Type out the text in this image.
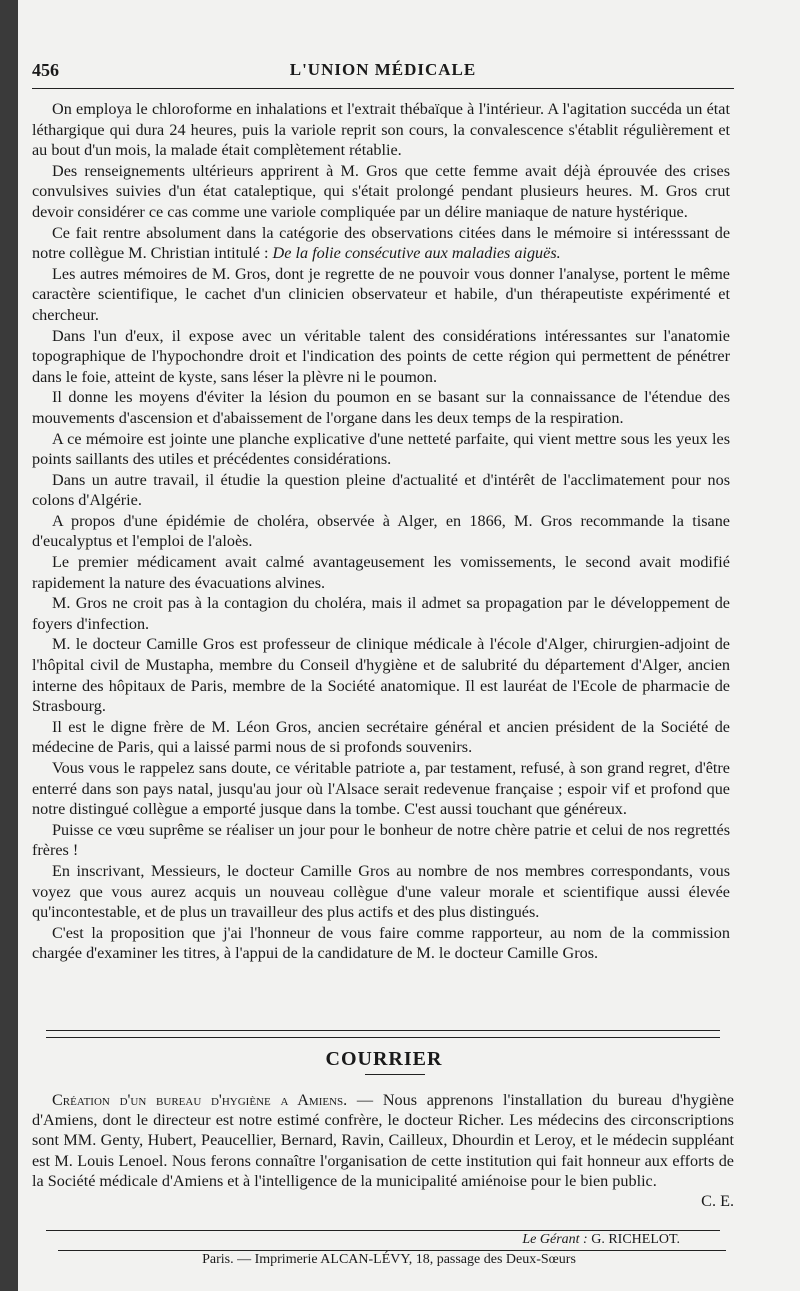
456	L'UNION MÉDICALE

On employa le chloroforme en inhalations et l'extrait thébaïque à l'intérieur. A l'agitation succéda un état léthargique qui dura 24 heures, puis la variole reprit son cours, la convalescence s'établit régulièrement et au bout d'un mois, la malade était complètement rétablie.

Des renseignements ultérieurs apprirent à M. Gros que cette femme avait déjà éprouvée des crises convulsives suivies d'un état cataleptique, qui s'était prolongé pendant plusieurs heures. M. Gros crut devoir considérer ce cas comme une variole compliquée par un délire maniaque de nature hystérique.

Ce fait rentre absolument dans la catégorie des observations citées dans le mémoire si intéresssant de notre collègue M. Christian intitulé : De la folie consécutive aux maladies aiguës.

Les autres mémoires de M. Gros, dont je regrette de ne pouvoir vous donner l'analyse, portent le même caractère scientifique, le cachet d'un clinicien observateur et habile, d'un thérapeutiste expérimenté et chercheur.

Dans l'un d'eux, il expose avec un véritable talent des considérations intéressantes sur l'anatomie topographique de l'hypochondre droit et l'indication des points de cette région qui permettent de pénétrer dans le foie, atteint de kyste, sans léser la plèvre ni le poumon.

Il donne les moyens d'éviter la lésion du poumon en se basant sur la connaissance de l'étendue des mouvements d'ascension et d'abaissement de l'organe dans les deux temps de la respiration.

A ce mémoire est jointe une planche explicative d'une netteté parfaite, qui vient mettre sous les yeux les points saillants des utiles et précédentes considérations.

Dans un autre travail, il étudie la question pleine d'actualité et d'intérêt de l'acclimatement pour nos colons d'Algérie.

A propos d'une épidémie de choléra, observée à Alger, en 1866, M. Gros recommande la tisane d'eucalyptus et l'emploi de l'aloès.

Le premier médicament avait calmé avantageusement les vomissements, le second avait modifié rapidement la nature des évacuations alvines.

M. Gros ne croit pas à la contagion du choléra, mais il admet sa propagation par le développement de foyers d'infection.

M. le docteur Camille Gros est professeur de clinique médicale à l'école d'Alger, chirurgien-adjoint de l'hôpital civil de Mustapha, membre du Conseil d'hygiène et de salubrité du département d'Alger, ancien interne des hôpitaux de Paris, membre de la Société anatomique. Il est lauréat de l'Ecole de pharmacie de Strasbourg.

Il est le digne frère de M. Léon Gros, ancien secrétaire général et ancien président de la Société de médecine de Paris, qui a laissé parmi nous de si profonds souvenirs.

Vous vous le rappelez sans doute, ce véritable patriote a, par testament, refusé, à son grand regret, d'être enterré dans son pays natal, jusqu'au jour où l'Alsace serait redevenue française ; espoir vif et profond que notre distingué collègue a emporté jusque dans la tombe. C'est aussi touchant que généreux.

Puisse ce vœu suprême se réaliser un jour pour le bonheur de notre chère patrie et celui de nos regrettés frères !

En inscrivant, Messieurs, le docteur Camille Gros au nombre de nos membres correspondants, vous voyez que vous aurez acquis un nouveau collègue d'une valeur morale et scientifique aussi élevée qu'incontestable, et de plus un travailleur des plus actifs et des plus distingués.

C'est la proposition que j'ai l'honneur de vous faire comme rapporteur, au nom de la commission chargée d'examiner les titres, à l'appui de la candidature de M. le docteur Camille Gros.

COURRIER

Création d'un bureau d'hygiène a Amiens. — Nous apprenons l'installation du bureau d'hygiène d'Amiens, dont le directeur est notre estimé confrère, le docteur Richer. Les médecins des circonscriptions sont MM. Genty, Hubert, Peaucellier, Bernard, Ravin, Cailleux, Dhourdin et Leroy, et le médecin suppléant est M. Louis Lenoel. Nous ferons connaître l'organisation de cette institution qui fait honneur aux efforts de la Société médicale d'Amiens et à l'intelligence de la municipalité amiénoise pour le bien public.

C. E.
Le Gérant : G. RICHELOT.
Paris. — Imprimerie ALCAN-LÉVY, 18, passage des Deux-Sœurs
